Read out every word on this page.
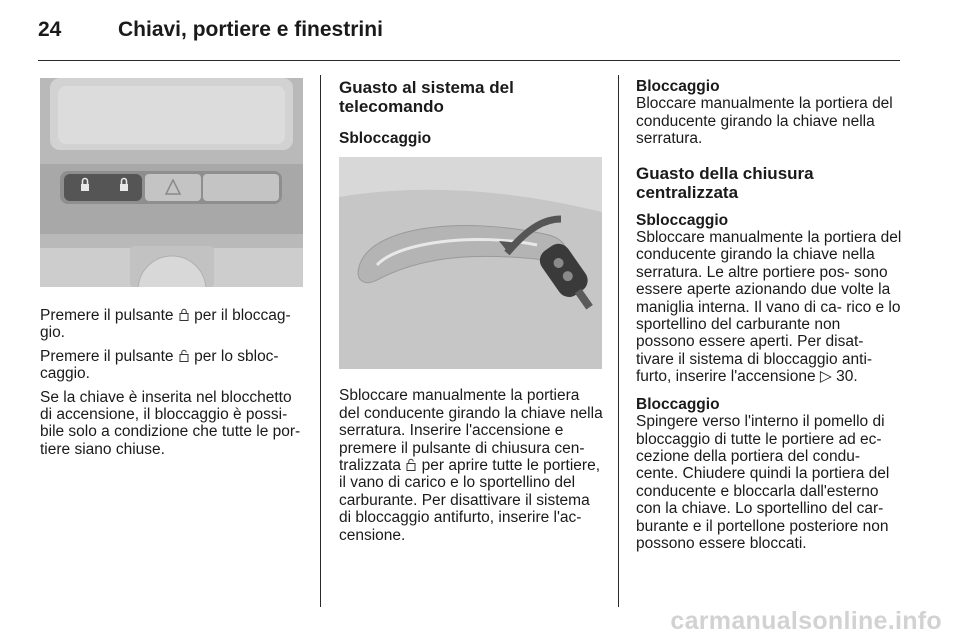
24	Chiavi, portiere e finestrini

Premere il pulsante per il bloccag- gio.

Premere il pulsante per lo sbloc- caggio.

Se la chiave è inserita nel blocchetto di accensione, il bloccaggio è possi- bile solo a condizione che tutte le por- tiere siano chiuse.

Guasto al sistema del telecomando
Sbloccaggio

Sbloccare manualmente la portiera del conducente girando la chiave nella serratura. Inserire l'accensione e premere il pulsante di chiusura cen- tralizzata per aprire tutte le portiere, il vano di carico e lo sportellino del carburante. Per disattivare il sistema di bloccaggio antifurto, inserire l'ac- censione.

Bloccaggio

Bloccare manualmente la portiera del conducente girando la chiave nella serratura.

Guasto della chiusura centralizzata
Sbloccaggio

Sbloccare manualmente la portiera del conducente girando la chiave nella serratura. Le altre portiere pos- sono essere aperte azionando due volte la maniglia interna. Il vano di ca- rico e lo sportellino del carburante non possono essere aperti. Per disat- tivare il sistema di bloccaggio anti- furto, inserire l'accensione ▷ 30.

Bloccaggio

Spingere verso l'interno il pomello di bloccaggio di tutte le portiere ad ec- cezione della portiera del condu- cente. Chiudere quindi la portiera del conducente e bloccarla dall'esterno con la chiave. Lo sportellino del car- burante e il portellone posteriore non possono essere bloccati.

carmanualsonline.info
